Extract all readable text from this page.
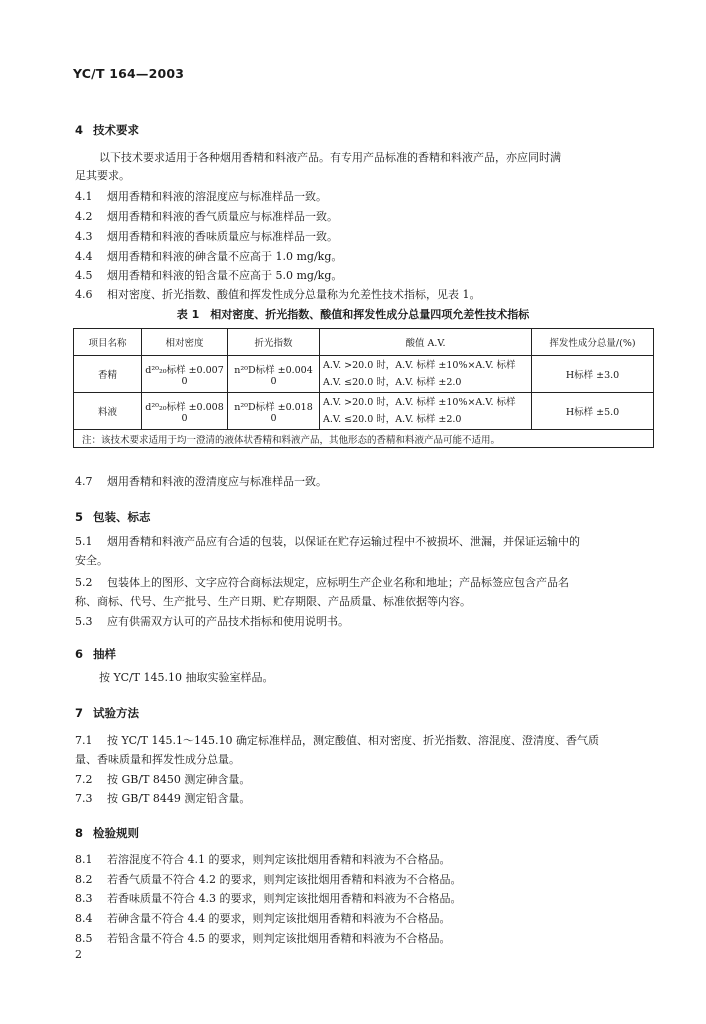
YC/T 164—2003
4 技术要求
以下技术要求适用于各种烟用香精和料液产品。有专用产品标准的香精和料液产品，亦应同时满
足其要求。
4.1 烟用香精和料液的溶混度应与标准样品一致。
4.2 烟用香精和料液的香气质量应与标准样品一致。
4.3 烟用香精和料液的香味质量应与标准样品一致。
4.4 烟用香精和料液的砷含量不应高于 1.0 mg/kg。
4.5 烟用香精和料液的铅含量不应高于 5.0 mg/kg。
4.6 相对密度、折光指数、酸值和挥发性成分总量称为允差性技术指标，见表 1。
表 1　相对密度、折光指数、酸值和挥发性成分总量四项允差性技术指标
项目名称	相对密度	折光指数	酸值 A.V.	挥发性成分总量/(%)
香精	d²⁰₂₀标样 ±0.007 0	n²⁰D标样 ±0.004 0	A.V. >20.0 时，A.V. 标样 ±10%×A.V. 标样
A.V. ≤20.0 时，A.V. 标样 ±2.0	H标样 ±3.0
料液	d²⁰₂₀标样 ±0.008 0	n²⁰D标样 ±0.018 0	A.V. >20.0 时，A.V. 标样 ±10%×A.V. 标样
A.V. ≤20.0 时，A.V. 标样 ±2.0	H标样 ±5.0
注：该技术要求适用于均一澄清的液体状香精和料液产品，其他形态的香精和料液产品可能不适用。				
4.7 烟用香精和料液的澄清度应与标准样品一致。
5 包装、标志
5.1 烟用香精和料液产品应有合适的包装，以保证在贮存运输过程中不被损坏、泄漏，并保证运输中的
安全。
5.2 包装体上的图形、文字应符合商标法规定，应标明生产企业名称和地址；产品标签应包含产品名
称、商标、代号、生产批号、生产日期、贮存期限、产品质量、标准依据等内容。
5.3 应有供需双方认可的产品技术指标和使用说明书。
6 抽样
按 YC/T 145.10 抽取实验室样品。
7 试验方法
7.1 按 YC/T 145.1～145.10 确定标准样品，测定酸值、相对密度、折光指数、溶混度、澄清度、香气质
量、香味质量和挥发性成分总量。
7.2 按 GB/T 8450 测定砷含量。
7.3 按 GB/T 8449 测定铅含量。
8 检验规则
8.1 若溶混度不符合 4.1 的要求，则判定该批烟用香精和料液为不合格品。
8.2 若香气质量不符合 4.2 的要求，则判定该批烟用香精和料液为不合格品。
8.3 若香味质量不符合 4.3 的要求，则判定该批烟用香精和料液为不合格品。
8.4 若砷含量不符合 4.4 的要求，则判定该批烟用香精和料液为不合格品。
8.5 若铅含量不符合 4.5 的要求，则判定该批烟用香精和料液为不合格品。
2
